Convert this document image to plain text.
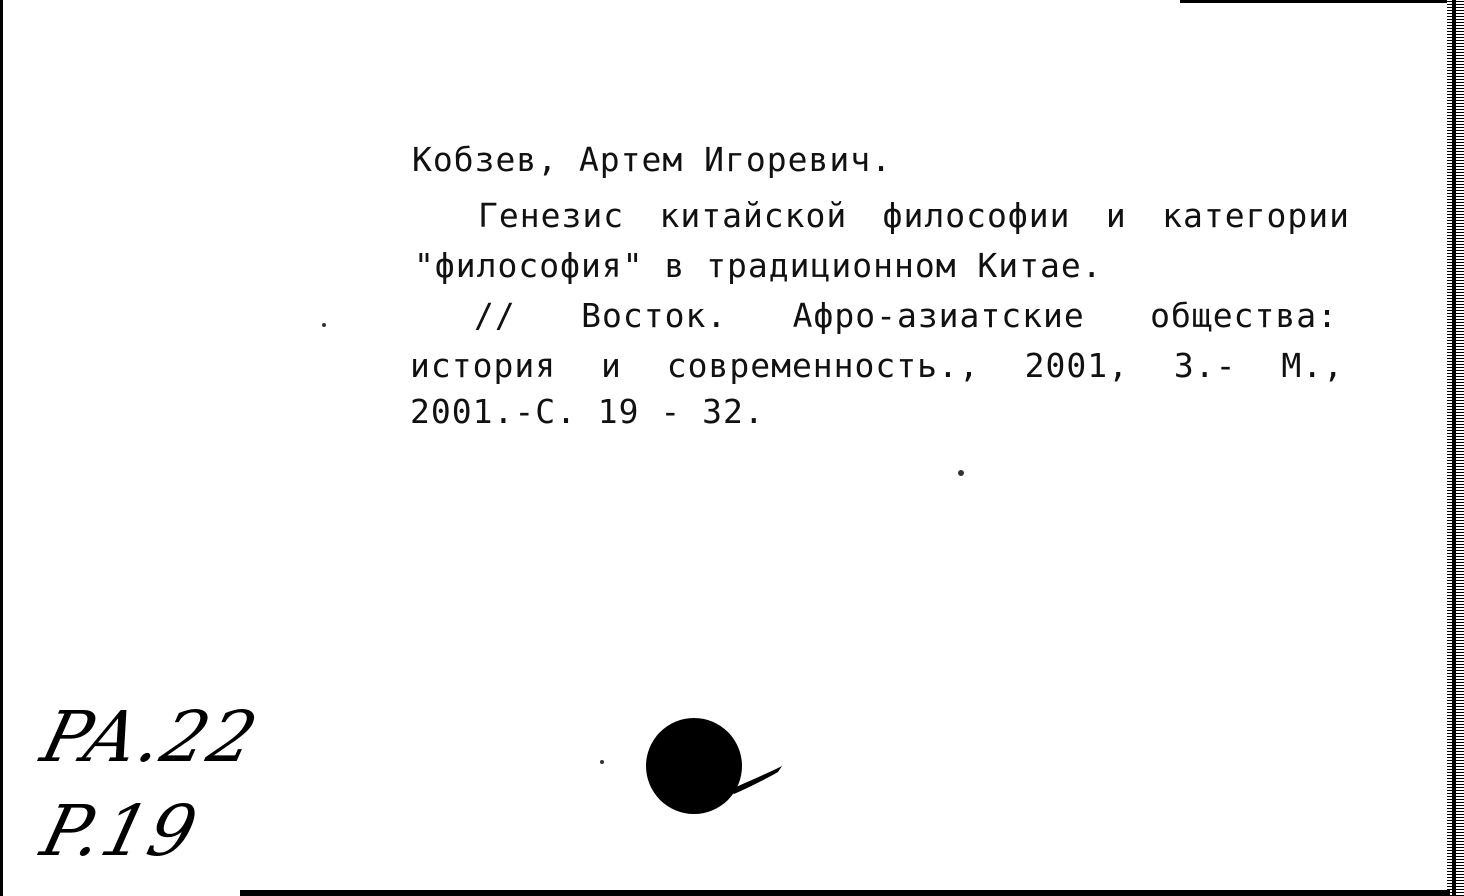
Кобзев, Артем Игоревич.
Генезис китайской философии и категории
"философия" в традиционном Китае.
// Восток. Афро-азиатские общества:
история и современность., 2001, 3.- М.,
2001.-С. 19 - 32.
PA.22
P.19
